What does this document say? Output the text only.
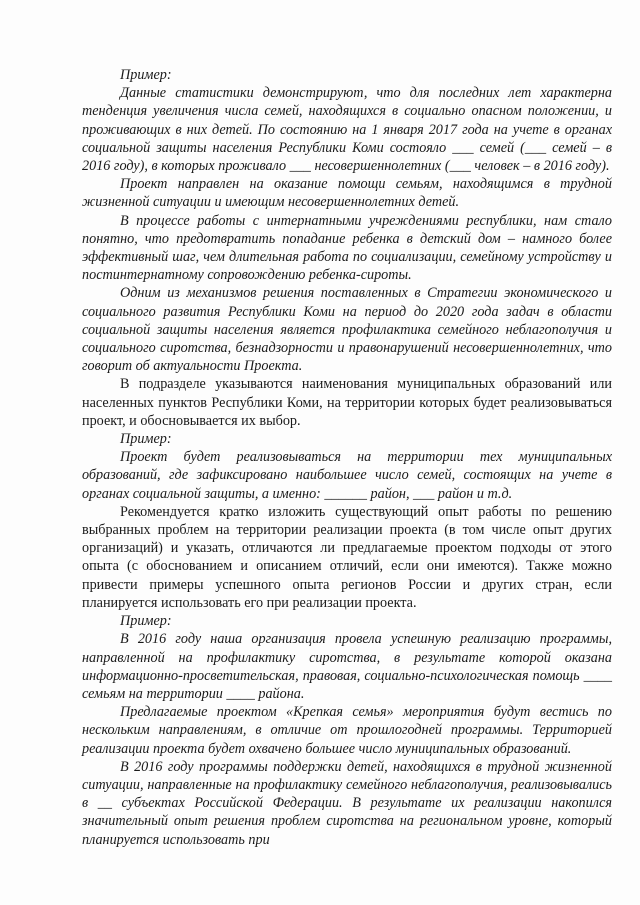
Пример:

Данные статистики демонстрируют, что для последних лет характерна тенденция увеличения числа семей, находящихся в социально опасном положении, и проживающих в них детей. По состоянию на 1 января 2017 года на учете в органах социальной защиты населения Республики Коми состояло ___ семей (___ семей – в 2016 году), в которых проживало ___ несовершеннолетних (___ человек – в 2016 году).

Проект направлен на оказание помощи семьям, находящимся в трудной жизненной ситуации и имеющим несовершеннолетних детей.

В процессе работы с интернатными учреждениями республики, нам стало понятно, что предотвратить попадание ребенка в детский дом – намного более эффективный шаг, чем длительная работа по социализации, семейному устройству и постинтернатному сопровождению ребенка-сироты.

Одним из механизмов решения поставленных в Стратегии экономического и социального развития Республики Коми на период до 2020 года задач в области социальной защиты населения является профилактика семейного неблагополучия и социального сиротства, безнадзорности и правонарушений несовершеннолетних, что говорит об актуальности Проекта.

В подразделе указываются наименования муниципальных образований или населенных пунктов Республики Коми, на территории которых будет реализовываться проект, и обосновывается их выбор.

Пример:

Проект будет реализовываться на территории тех муниципальных образований, где зафиксировано наибольшее число семей, состоящих на учете в органах социальной защиты, а именно: ______ район, ___ район и т.д.

Рекомендуется кратко изложить существующий опыт работы по решению выбранных проблем на территории реализации проекта (в том числе опыт других организаций) и указать, отличаются ли предлагаемые проектом подходы от этого опыта (с обоснованием и описанием отличий, если они имеются). Также можно привести примеры успешного опыта регионов России и других стран, если планируется использовать его при реализации проекта.

Пример:

В 2016 году наша организация провела успешную реализацию программы, направленной на профилактику сиротства, в результате которой оказана информационно-просветительская, правовая, социально-психологическая помощь ____ семьям на территории ____ района.

Предлагаемые проектом «Крепкая семья» мероприятия будут вестись по нескольким направлениям, в отличие от прошлогодней программы. Территорией реализации проекта будет охвачено большее число муниципальных образований.

В 2016 году программы поддержки детей, находящихся в трудной жизненной ситуации, направленные на профилактику семейного неблагополучия, реализовывались в __ субъектах Российской Федерации. В результате их реализации накопился значительный опыт решения проблем сиротства на региональном уровне, который планируется использовать при
